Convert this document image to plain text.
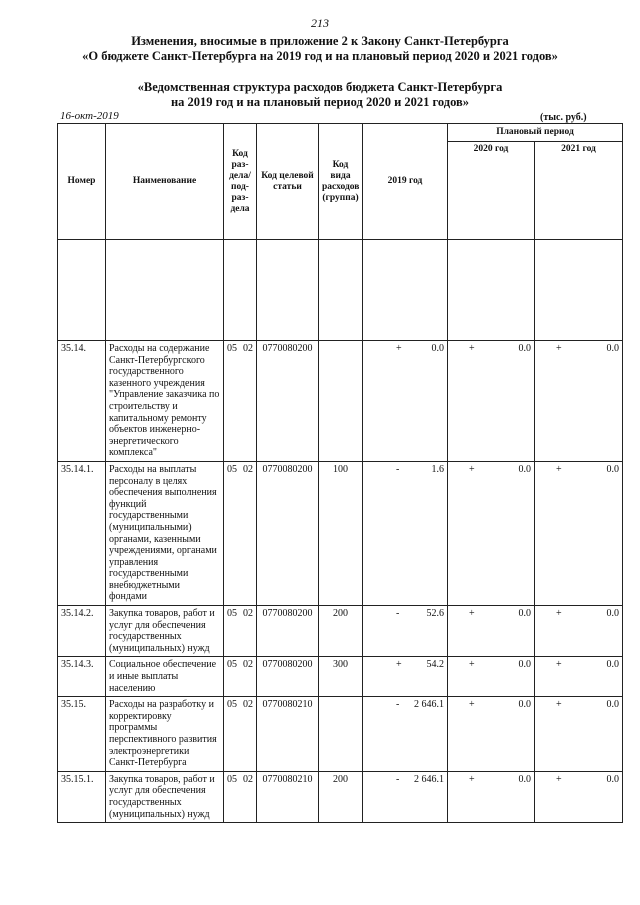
213
Изменения, вносимые в приложение 2 к Закону Санкт-Петербурга
«О бюджете Санкт-Петербурга на 2019 год и на плановый период 2020 и 2021 годов»
«Ведомственная структура расходов бюджета Санкт-Петербурга
на 2019 год и на плановый период 2020 и 2021 годов»
16-окт-2019	(тыс. руб.)
Номер	Наименование	Код раз-дела/ под-раз-дела	Код целевой статьи	Код вида расходов (группа)	2019 год	Плановый период	
						2020 год	2021 год

35.14.	Расходы на содержание Санкт-Петербургского государственного казенного учреждения "Управление заказчика по строительству и капитальному ремонту объектов инженерно-энергетического комплекса"	05 02	0770080200		+ 0.0	+ 0.0	+ 0.0

35.14.1.	Расходы на выплаты персоналу в целях обеспечения выполнения функций государственными (муниципальными) органами, казенными учреждениями, органами управления государственными внебюджетными фондами	05 02	0770080200	100	- 1.6	+ 0.0	+ 0.0

35.14.2.	Закупка товаров, работ и услуг для обеспечения государственных (муниципальных) нужд	05 02	0770080200	200	- 52.6	+ 0.0	+ 0.0

35.14.3.	Социальное обеспечение и иные выплаты населению	05 02	0770080200	300	+ 54.2	+ 0.0	+ 0.0

35.15.	Расходы на разработку и корректировку программы перспективного развития электроэнергетики Санкт-Петербурга	05 02	0770080210		- 2 646.1	+ 0.0	+ 0.0

35.15.1.	Закупка товаров, работ и услуг для обеспечения государственных (муниципальных) нужд	05 02	0770080210	200	- 2 646.1	+ 0.0	+ 0.0
